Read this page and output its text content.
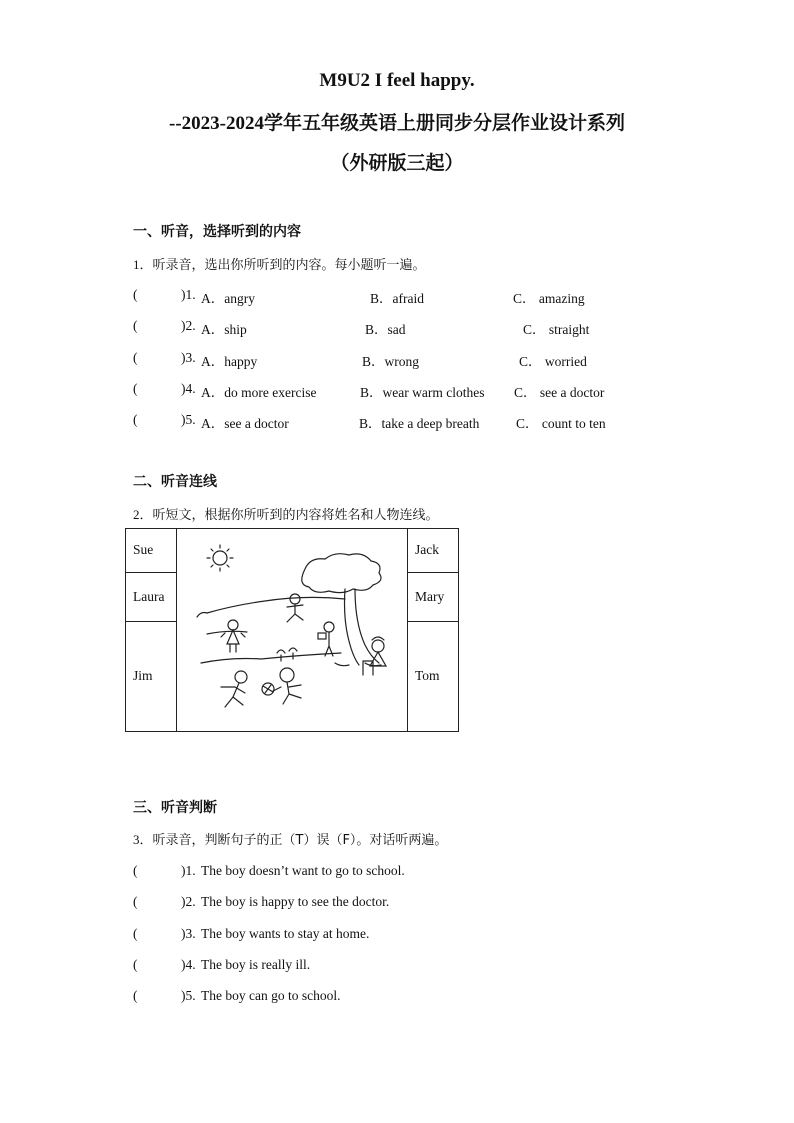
M9U2 I feel happy.
--2023-2024学年五年级英语上册同步分层作业设计系列
（外研版三起）
一、听音，选择听到的内容
1．听录音，选出你所听到的内容。每小题听一遍。
(	)1. A．angry	B．afraid	C． amazing
(	)2. A．ship	B．sad	C． straight
(	)3. A．happy	B．wrong	C． worried
(	)4. A．do more exercise	B．wear warm clothes C． see a doctor
(	)5. A．see a doctor	B．take a deep breath	C． count to ten
二、听音连线
2．听短文，根据你所听到的内容将姓名和人物连线。
Sue		Jack
Laura		Mary
Jim		Tom
三、听音判断
3．听录音，判断句子的正（T）误（F）。对话听两遍。
(	)1. The boy doesn’t want to go to school.
(	)2. The boy is happy to see the doctor.
(	)3. The boy wants to stay at home.
(	)4. The boy is really ill.
(	)5. The boy can go to school.
